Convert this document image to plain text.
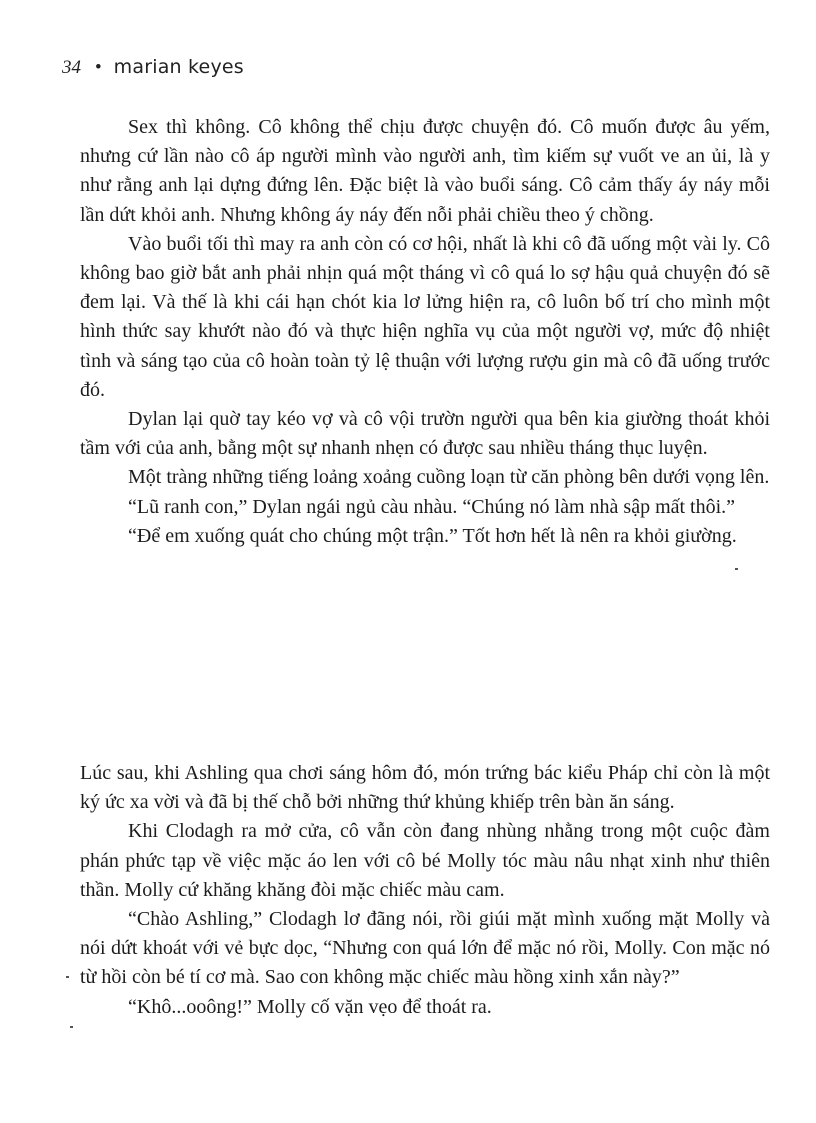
34 • marian keyes

Sex thì không. Cô không thể chịu được chuyện đó. Cô muốn được âu yếm, nhưng cứ lần nào cô áp người mình vào người anh, tìm kiếm sự vuốt ve an ủi, là y như rằng anh lại dựng đứng lên. Đặc biệt là vào buổi sáng. Cô cảm thấy áy náy mỗi lần dứt khỏi anh. Nhưng không áy náy đến nỗi phải chiều theo ý chồng.

Vào buổi tối thì may ra anh còn có cơ hội, nhất là khi cô đã uống một vài ly. Cô không bao giờ bắt anh phải nhịn quá một tháng vì cô quá lo sợ hậu quả chuyện đó sẽ đem lại. Và thế là khi cái hạn chót kia lơ lửng hiện ra, cô luôn bố trí cho mình một hình thức say khướt nào đó và thực hiện nghĩa vụ của một người vợ, mức độ nhiệt tình và sáng tạo của cô hoàn toàn tỷ lệ thuận với lượng rượu gin mà cô đã uống trước đó.

Dylan lại quờ tay kéo vợ và cô vội trườn người qua bên kia giường thoát khỏi tầm với của anh, bằng một sự nhanh nhẹn có được sau nhiều tháng thục luyện.

Một tràng những tiếng loảng xoảng cuồng loạn từ căn phòng bên dưới vọng lên.

“Lũ ranh con,” Dylan ngái ngủ càu nhàu. “Chúng nó làm nhà sập mất thôi.”

“Để em xuống quát cho chúng một trận.” Tốt hơn hết là nên ra khỏi giường.

Lúc sau, khi Ashling qua chơi sáng hôm đó, món trứng bác kiểu Pháp chỉ còn là một ký ức xa vời và đã bị thế chỗ bởi những thứ khủng khiếp trên bàn ăn sáng.

Khi Clodagh ra mở cửa, cô vẫn còn đang nhùng nhằng trong một cuộc đàm phán phức tạp về việc mặc áo len với cô bé Molly tóc màu nâu nhạt xinh như thiên thần. Molly cứ khăng khăng đòi mặc chiếc màu cam.

“Chào Ashling,” Clodagh lơ đãng nói, rồi giúi mặt mình xuống mặt Molly và nói dứt khoát với vẻ bực dọc, “Nhưng con quá lớn để mặc nó rồi, Molly. Con mặc nó từ hồi còn bé tí cơ mà. Sao con không mặc chiếc màu hồng xinh xắn này?”

“Khô...ooông!” Molly cố vặn vẹo để thoát ra.
